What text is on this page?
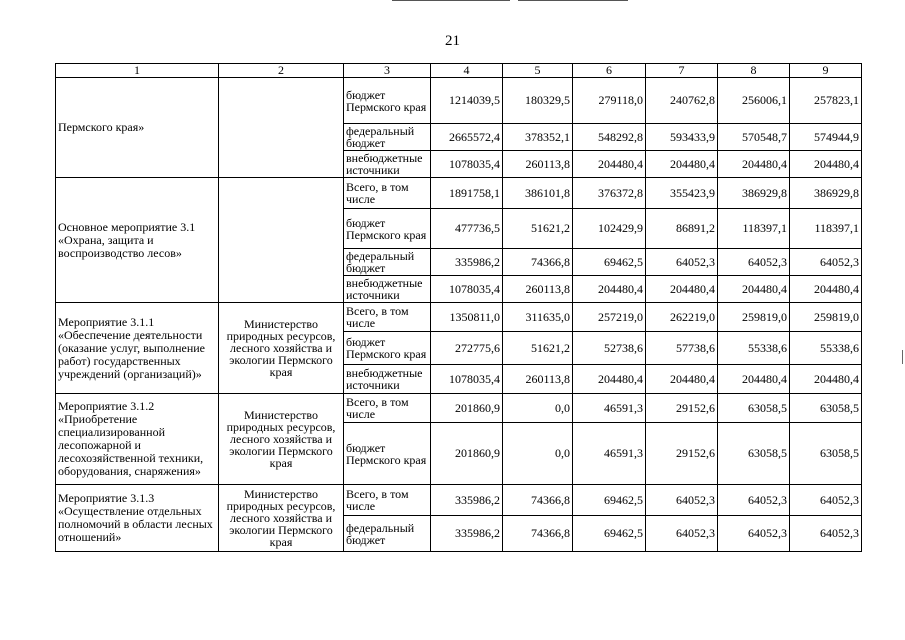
21
1	2	3	4	5	6	7	8	9
Пермского края»		бюджет Пермского края	1214039,5	180329,5	279118,0	240762,8	256006,1	257823,1
		федеральный бюджет	2665572,4	378352,1	548292,8	593433,9	570548,7	574944,9
		внебюджетные источники	1078035,4	260113,8	204480,4	204480,4	204480,4	204480,4
Основное мероприятие 3.1 «Охрана, защита и воспроизводство лесов»		Всего, в том числе	1891758,1	386101,8	376372,8	355423,9	386929,8	386929,8
		бюджет Пермского края	477736,5	51621,2	102429,9	86891,2	118397,1	118397,1
		федеральный бюджет	335986,2	74366,8	69462,5	64052,3	64052,3	64052,3
		внебюджетные источники	1078035,4	260113,8	204480,4	204480,4	204480,4	204480,4
Мероприятие 3.1.1 «Обеспечение деятельности (оказание услуг, выполнение работ) государственных учреждений (организаций)»	Министерство природных ресурсов, лесного хозяйства и экологии Пермского края	Всего, в том числе	1350811,0	311635,0	257219,0	262219,0	259819,0	259819,0
		бюджет Пермского края	272775,6	51621,2	52738,6	57738,6	55338,6	55338,6
		внебюджетные источники	1078035,4	260113,8	204480,4	204480,4	204480,4	204480,4
Мероприятие 3.1.2 «Приобретение специализированной лесопожарной и лесохозяйственной техники, оборудования, снаряжения»	Министерство природных ресурсов, лесного хозяйства и экологии Пермского края	Всего, в том числе	201860,9	0,0	46591,3	29152,6	63058,5	63058,5
		бюджет Пермского края	201860,9	0,0	46591,3	29152,6	63058,5	63058,5
Мероприятие 3.1.3 «Осуществление отдельных полномочий в области лесных отношений»	Министерство природных ресурсов, лесного хозяйства и экологии Пермского края	Всего, в том числе	335986,2	74366,8	69462,5	64052,3	64052,3	64052,3
		федеральный бюджет	335986,2	74366,8	69462,5	64052,3	64052,3	64052,3
